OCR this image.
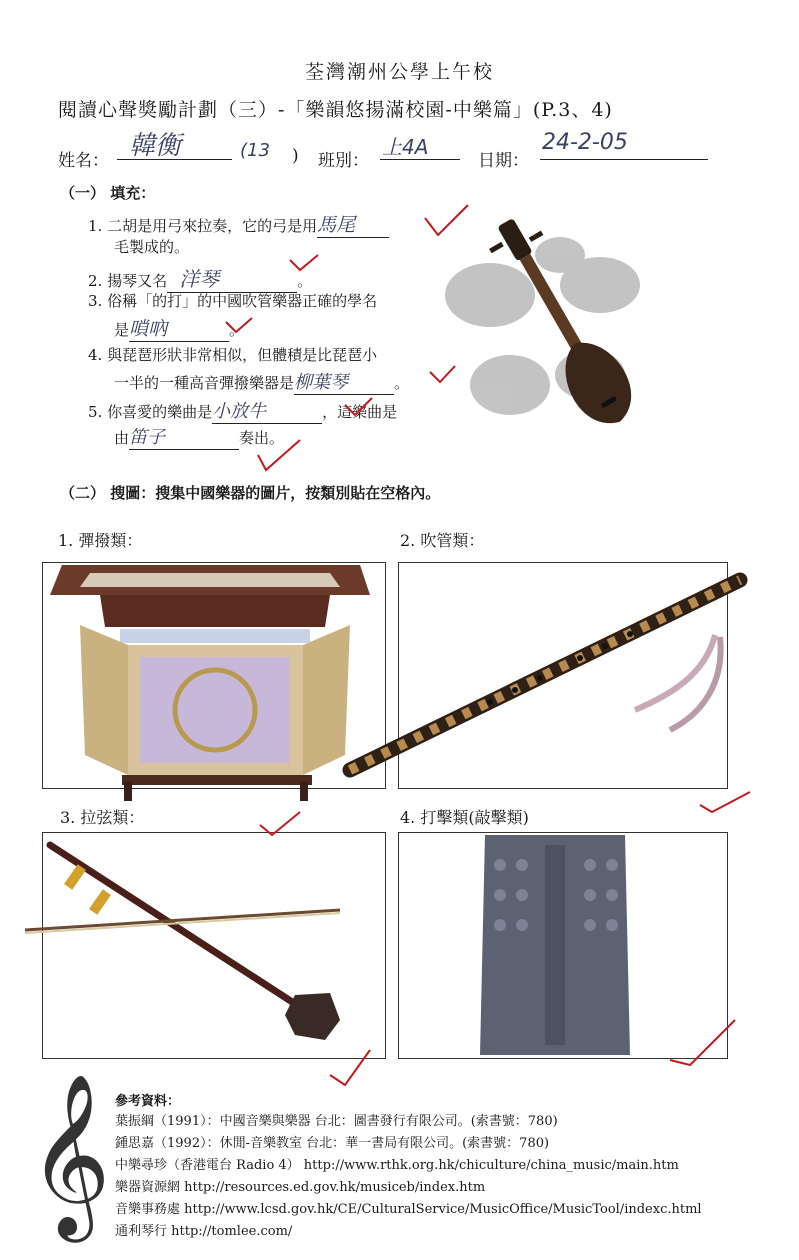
荃灣潮州公學上午校
閱讀心聲獎勵計劃（三）-「樂韻悠揚滿校園-中樂篇」(P.3、4)
姓名： 韓衡	(13 ) 班別：
上4A
日期：
24-2-05
（一） 填充：
1. 二胡是用弓來拉奏，它的弓是用馬尾
毛製成的。
2. 揚琴又名 洋琴	。
3. 俗稱「的打」的中國吹管樂器正確的學名
是嗩吶	。
4. 與琵琶形狀非常相似，但體積是比琵琶小
一半的一種高音彈撥樂器是柳葉琴	。
5. 你喜愛的樂曲是小放牛	，這樂曲是
由笛子	奏出。
（二） 搜圖：搜集中國樂器的圖片，按類別貼在空格內。
1. 彈撥類：	2. 吹管類：
3. 拉弦類：	4. 打擊類(敲擊類)
𝄞 參考資料：
葉振綱（1991）：中國音樂與樂器 台北：圖書發行有限公司。(索書號：780)
鍾思嘉（1992）：休閒-音樂教室 台北：華一書局有限公司。(索書號：780)
中樂尋珍（香港電台 Radio 4） http://www.rthk.org.hk/chiculture/china_music/main.htm
樂器資源網 http://resources.ed.gov.hk/musiceb/index.htm
音樂事務處 http://www.lcsd.gov.hk/CE/CulturalService/MusicOffice/MusicTool/indexc.html
通利琴行 http://tomlee.com/
